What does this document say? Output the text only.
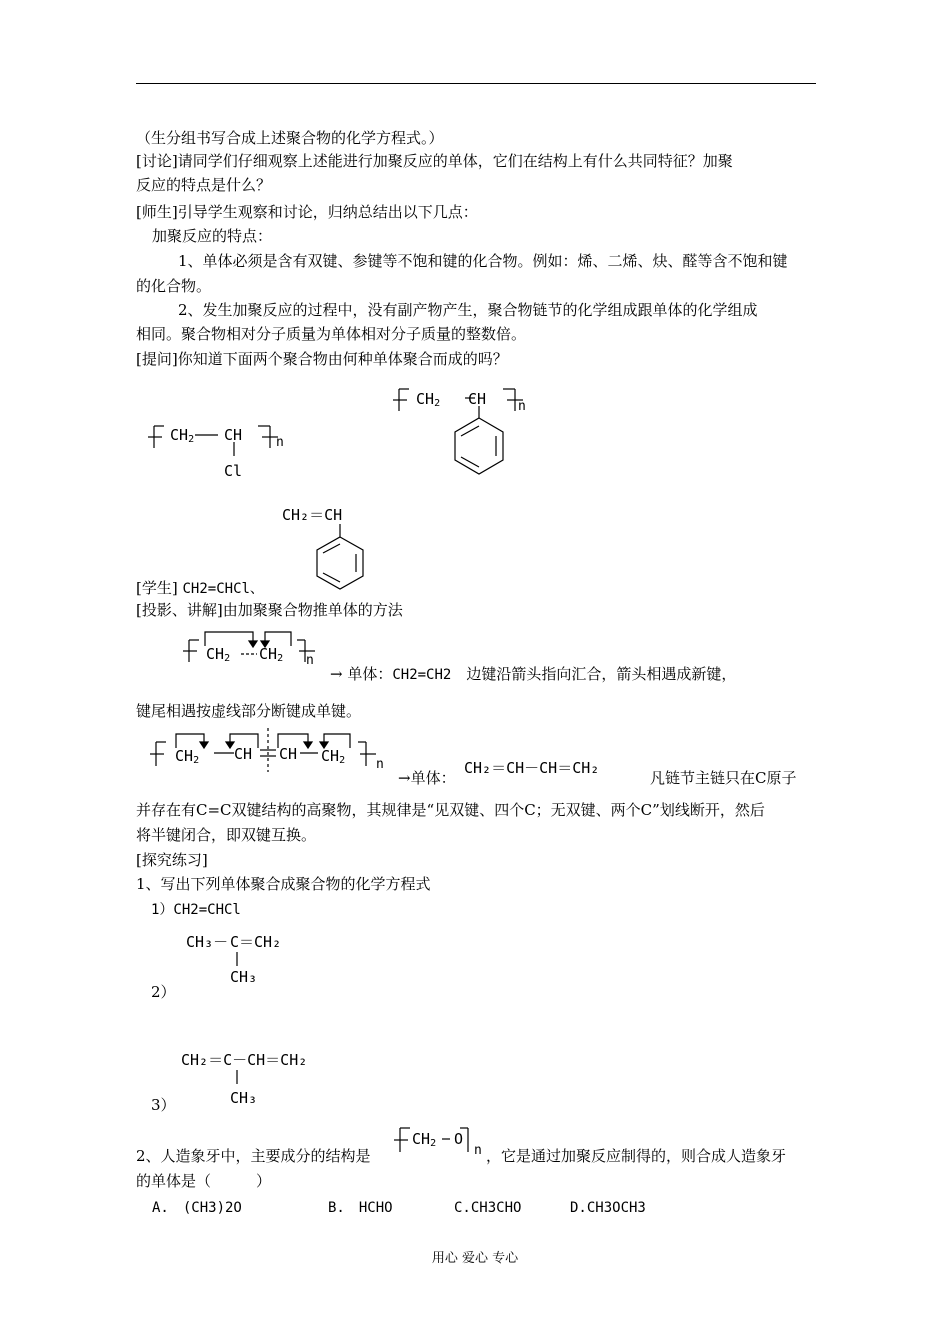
（生分组书写合成上述聚合物的化学方程式。）
[讨论]请同学们仔细观察上述能进行加聚反应的单体，它们在结构上有什么共同特征？加聚
反应的特点是什么？
[师生]引导学生观察和讨论，归纳总结出以下几点：
加聚反应的特点：
1、单体必须是含有双键、参键等不饱和键的化合物。例如：烯、二烯、炔、醛等含不饱和键
的化合物。
2、发生加聚反应的过程中，没有副产物产生，聚合物链节的化学组成跟单体的化学组成
相同。聚合物相对分子质量为单体相对分子质量的整数倍。
[提问]你知道下面两个聚合物由何种单体聚合而成的吗？
CH2 CH
Cl
n
CH2 CH n
CH₂＝CH
[学生] CH2=CHCl、
[投影、讲解]由加聚聚合物推单体的方法
CH2 CH2 n
→ 单体：CH2=CH2　 边键沿箭头指向汇合，箭头相遇成新键，
键尾相遇按虚线部分断键成单键。
CH2 CH CH CH2 n
→单体：
CH₂＝CH－CH＝CH₂
凡链节主链只在C原子
并存在有C=C双键结构的高聚物，其规律是“见双键、四个C；无双键、两个C”划线断开，然后
将半键闭合，即双键互换。
[探究练习]
1、写出下列单体聚合成聚合物的化学方程式
1）CH2=CHCl
CH₃－ C＝CH₂
CH₃
2）
CH₂＝C－CH＝CH₂
CH₃
3）
2、人造象牙中，主要成分的结构是
CH2 O
n ，它是通过加聚反应制得的，则合成人造象牙
的单体是（　　　）
A.　(CH3)2O	B.　HCHO	C.CH3CHO	D.CH3OCH3
用心 爱心 专心
